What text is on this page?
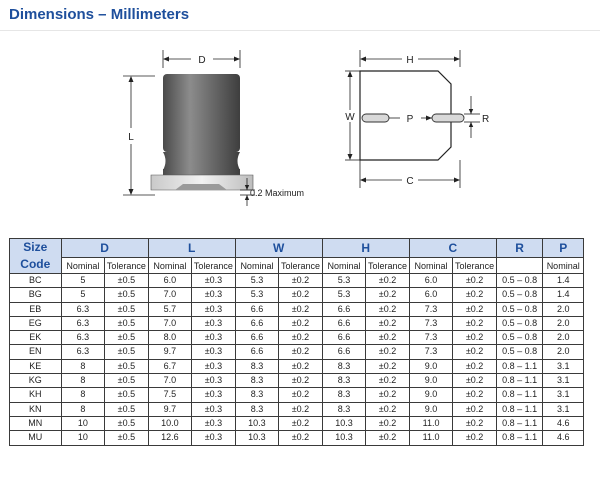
Dimensions – Millimeters
D
L
0.2 Maximum
H
W	P	R
C
Size
Code	D		L		W		H		C		R	P
	Nominal	Tolerance	Nominal	Tolerance	Nominal	Tolerance	Nominal	Tolerance	Nominal	Tolerance		Nominal
BC	5	±0.5	6.0	±0.3	5.3	±0.2	5.3	±0.2	6.0	±0.2	0.5 – 0.8	1.4
BG	5	±0.5	7.0	±0.3	5.3	±0.2	5.3	±0.2	6.0	±0.2	0.5 – 0.8	1.4
EB	6.3	±0.5	5.7	±0.3	6.6	±0.2	6.6	±0.2	7.3	±0.2	0.5 – 0.8	2.0
EG	6.3	±0.5	7.0	±0.3	6.6	±0.2	6.6	±0.2	7.3	±0.2	0.5 – 0.8	2.0
EK	6.3	±0.5	8.0	±0.3	6.6	±0.2	6.6	±0.2	7.3	±0.2	0.5 – 0.8	2.0
EN	6.3	±0.5	9.7	±0.3	6.6	±0.2	6.6	±0.2	7.3	±0.2	0.5 – 0.8	2.0
KE	8	±0.5	6.7	±0.3	8.3	±0.2	8.3	±0.2	9.0	±0.2	0.8 – 1.1	3.1
KG	8	±0.5	7.0	±0.3	8.3	±0.2	8.3	±0.2	9.0	±0.2	0.8 – 1.1	3.1
KH	8	±0.5	7.5	±0.3	8.3	±0.2	8.3	±0.2	9.0	±0.2	0.8 – 1.1	3.1
KN	8	±0.5	9.7	±0.3	8.3	±0.2	8.3	±0.2	9.0	±0.2	0.8 – 1.1	3.1
MN	10	±0.5	10.0	±0.3	10.3	±0.2	10.3	±0.2	11.0	±0.2	0.8 – 1.1	4.6
MU	10	±0.5	12.6	±0.3	10.3	±0.2	10.3	±0.2	11.0	±0.2	0.8 – 1.1	4.6
